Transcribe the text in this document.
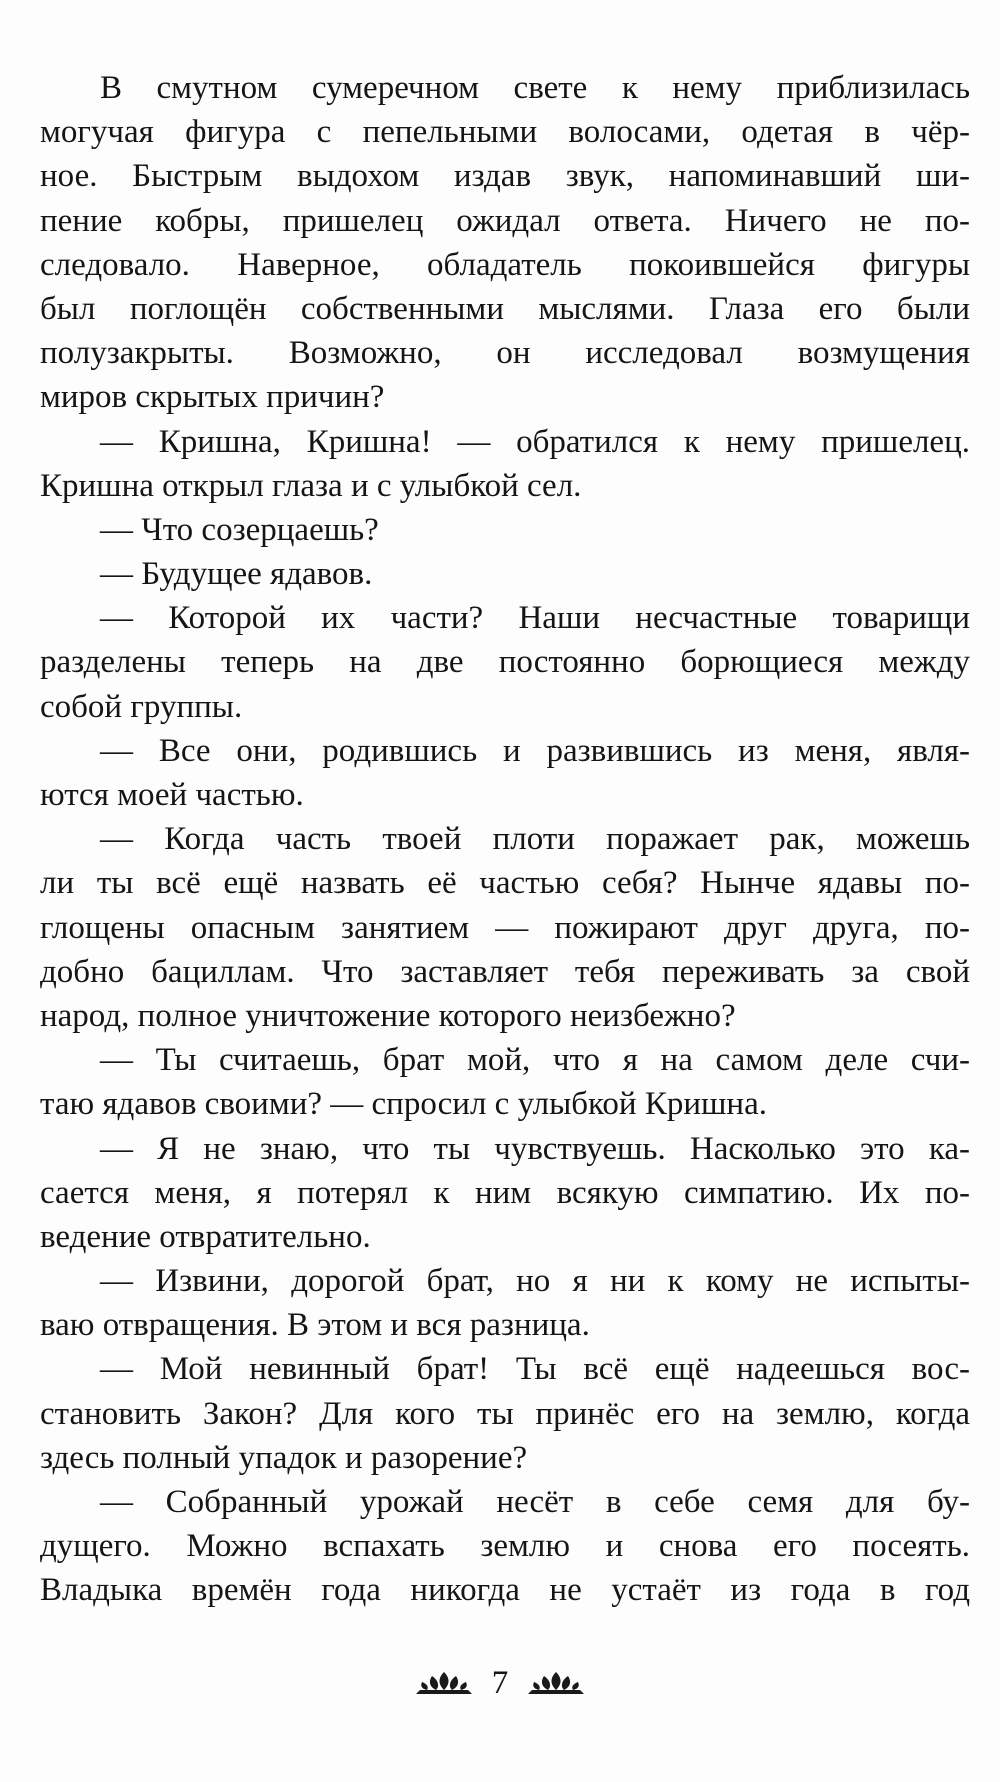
В смутном сумеречном свете к нему приблизилась
могучая фигура с пепельными волосами, одетая в чёр-
ное. Быстрым выдохом издав звук, напоминавший ши-
пение кобры, пришелец ожидал ответа. Ничего не по-
следовало. Наверное, обладатель покоившейся фигуры
был поглощён собственными мыслями. Глаза его были
полузакрыты. Возможно, он исследовал возмущения
миров скрытых причин?
— Кришна, Кришна! — обратился к нему пришелец.
Кришна открыл глаза и с улыбкой сел.
— Что созерцаешь?
— Будущее ядавов.
— Которой их части? Наши несчастные товарищи
разделены теперь на две постоянно борющиеся между
собой группы.
— Все они, родившись и развившись из меня, явля-
ются моей частью.
— Когда часть твоей плоти поражает рак, можешь
ли ты всё ещё назвать её частью себя? Нынче ядавы по-
глощены опасным занятием — пожирают друг друга, по-
добно бациллам. Что заставляет тебя переживать за свой
народ, полное уничтожение которого неизбежно?
— Ты считаешь, брат мой, что я на самом деле счи-
таю ядавов своими? — спросил с улыбкой Кришна.
— Я не знаю, что ты чувствуешь. Насколько это ка-
сается меня, я потерял к ним всякую симпатию. Их по-
ведение отвратительно.
— Извини, дорогой брат, но я ни к кому не испыты-
ваю отвращения. В этом и вся разница.
— Мой невинный брат! Ты всё ещё надеешься вос-
становить Закон? Для кого ты принёс его на землю, когда
здесь полный упадок и разорение?
— Собранный урожай несёт в себе семя для бу-
дущего. Можно вспахать землю и снова его посеять.
Владыка времён года никогда не устаёт из года в год
7
